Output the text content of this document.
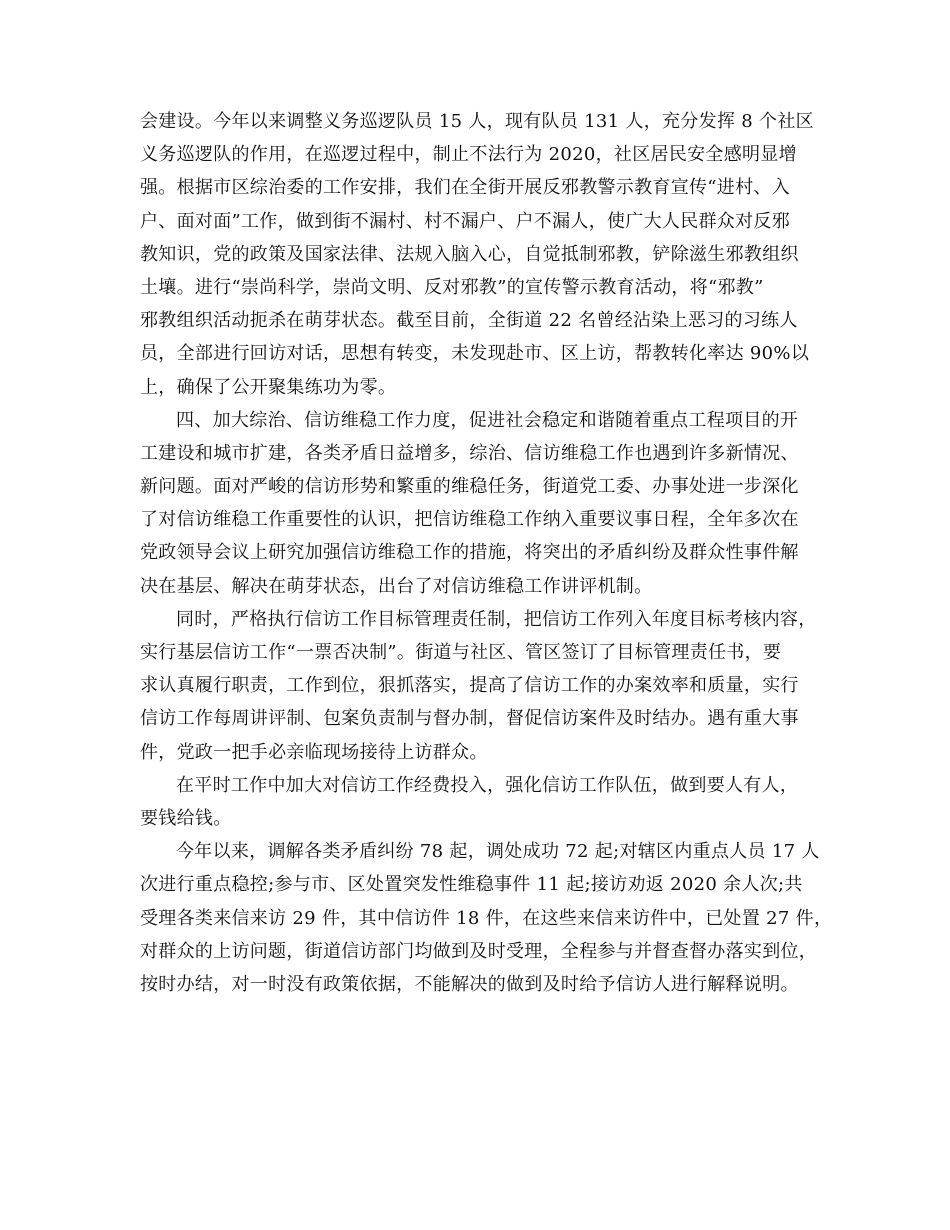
会建设。今年以来调整义务巡逻队员 15 人，现有队员 131 人，充分发挥 8 个社区
义务巡逻队的作用，在巡逻过程中，制止不法行为 2020，社区居民安全感明显增
强。根据市区综治委的工作安排，我们在全街开展反邪教警示教育宣传“进村、入
户、面对面”工作，做到街不漏村、村不漏户、户不漏人，使广大人民群众对反邪
教知识，党的政策及国家法律、法规入脑入心，自觉抵制邪教，铲除滋生邪教组织
土壤。进行“崇尚科学，崇尚文明、反对邪教”的宣传警示教育活动，将“邪教”
邪教组织活动扼杀在萌芽状态。截至目前，全街道 22 名曾经沾染上恶习的习练人
员，全部进行回访对话，思想有转变，未发现赴市、区上访，帮教转化率达 90%以
上，确保了公开聚集练功为零。
四、加大综治、信访维稳工作力度，促进社会稳定和谐随着重点工程项目的开
工建设和城市扩建，各类矛盾日益增多，综治、信访维稳工作也遇到许多新情况、
新问题。面对严峻的信访形势和繁重的维稳任务，街道党工委、办事处进一步深化
了对信访维稳工作重要性的认识，把信访维稳工作纳入重要议事日程，全年多次在
党政领导会议上研究加强信访维稳工作的措施，将突出的矛盾纠纷及群众性事件解
决在基层、解决在萌芽状态，出台了对信访维稳工作讲评机制。
同时，严格执行信访工作目标管理责任制，把信访工作列入年度目标考核内容，
实行基层信访工作“一票否决制”。街道与社区、管区签订了目标管理责任书，要
求认真履行职责，工作到位，狠抓落实，提高了信访工作的办案效率和质量，实行
信访工作每周讲评制、包案负责制与督办制，督促信访案件及时结办。遇有重大事
件，党政一把手必亲临现场接待上访群众。
在平时工作中加大对信访工作经费投入，强化信访工作队伍，做到要人有人，
要钱给钱。
今年以来，调解各类矛盾纠纷 78 起，调处成功 72 起;对辖区内重点人员 17 人
次进行重点稳控;参与市、区处置突发性维稳事件 11 起;接访劝返 2020 余人次;共
受理各类来信来访 29 件，其中信访件 18 件，在这些来信来访件中，已处置 27 件，
对群众的上访问题，街道信访部门均做到及时受理，全程参与并督查督办落实到位，
按时办结，对一时没有政策依据，不能解决的做到及时给予信访人进行解释说明。
